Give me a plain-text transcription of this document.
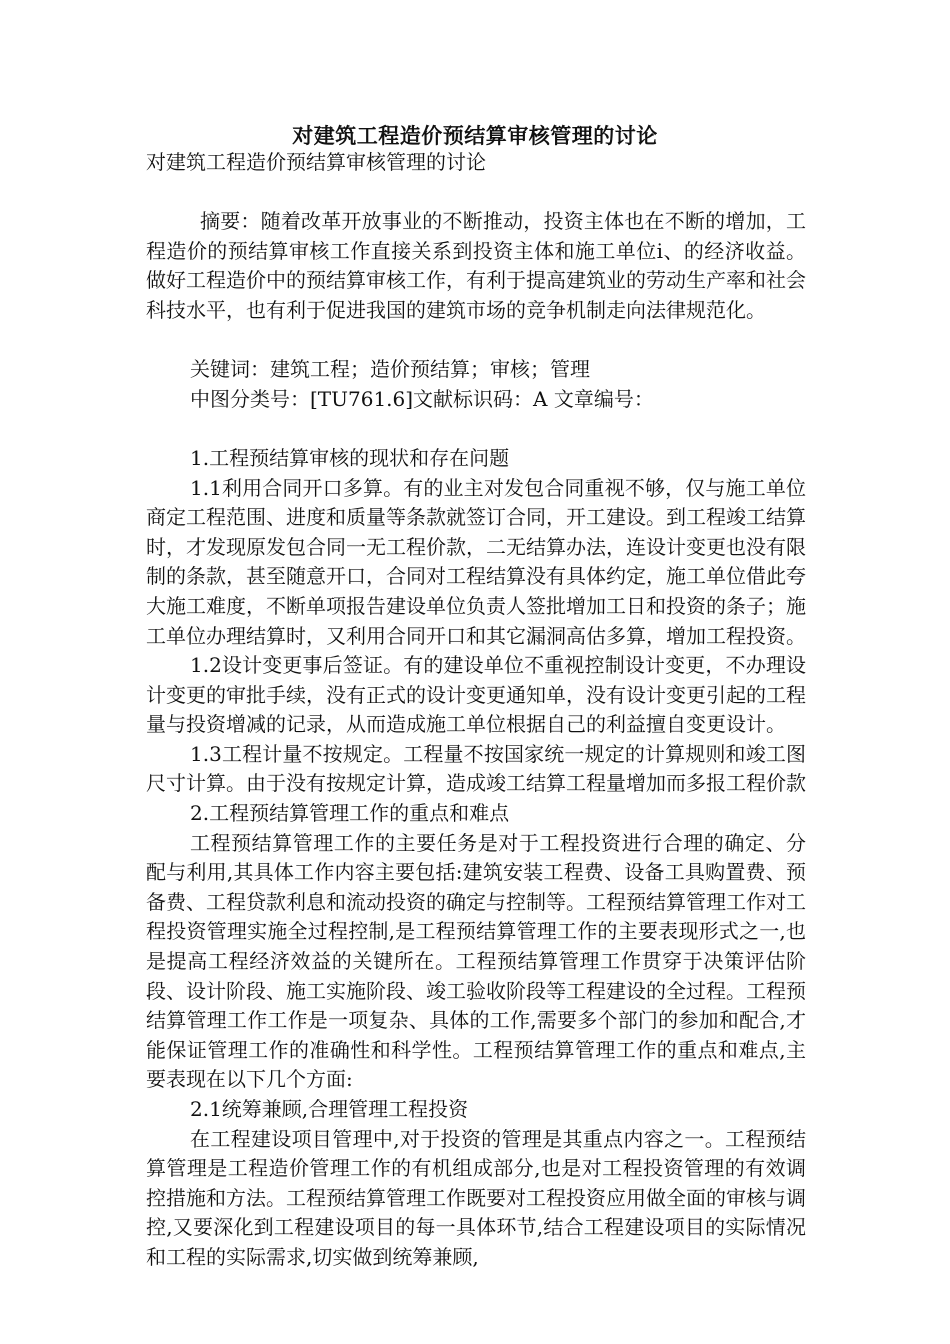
对建筑工程造价预结算审核管理的讨论

对建筑工程造价预结算审核管理的讨论

摘要：随着改革开放事业的不断推动，投资主体也在不断的增加，工程造价的预结算审核工作直接关系到投资主体和施工单位i、的经济收益。做好工程造价中的预结算审核工作，有利于提高建筑业的劳动生产率和社会科技水平，也有利于促进我国的建筑市场的竞争机制走向法律规范化。

关键词：建筑工程；造价预结算；审核；管理

中图分类号：[TU761.6]文献标识码：A 文章编号：

1.工程预结算审核的现状和存在问题

1.1利用合同开口多算。有的业主对发包合同重视不够，仅与施工单位商定工程范围、进度和质量等条款就签订合同，开工建设。到工程竣工结算时，才发现原发包合同一无工程价款，二无结算办法，连设计变更也没有限制的条款，甚至随意开口，合同对工程结算没有具体约定，施工单位借此夸大施工难度，不断单项报告建设单位负责人签批增加工日和投资的条子；施工单位办理结算时，又利用合同开口和其它漏洞高估多算，增加工程投资。

1.2设计变更事后签证。有的建设单位不重视控制设计变更，不办理设计变更的审批手续，没有正式的设计变更通知单，没有设计变更引起的工程量与投资增减的记录，从而造成施工单位根据自己的利益擅自变更设计。

1.3工程计量不按规定。工程量不按国家统一规定的计算规则和竣工图尺寸计算。由于没有按规定计算，造成竣工结算工程量增加而多报工程价款

2.工程预结算管理工作的重点和难点

工程预结算管理工作的主要任务是对于工程投资进行合理的确定、分配与利用,其具体工作内容主要包括:建筑安装工程费、设备工具购置费、预备费、工程贷款利息和流动投资的确定与控制等。工程预结算管理工作对工程投资管理实施全过程控制,是工程预结算管理工作的主要表现形式之一,也是提高工程经济效益的关键所在。工程预结算管理工作贯穿于决策评估阶段、设计阶段、施工实施阶段、竣工验收阶段等工程建设的全过程。工程预结算管理工作工作是一项复杂、具体的工作,需要多个部门的参加和配合,才能保证管理工作的准确性和科学性。工程预结算管理工作的重点和难点,主要表现在以下几个方面:

2.1统筹兼顾,合理管理工程投资

在工程建设项目管理中,对于投资的管理是其重点内容之一。工程预结算管理是工程造价管理工作的有机组成部分,也是对工程投资管理的有效调控措施和方法。工程预结算管理工作既要对工程投资应用做全面的审核与调控,又要深化到工程建设项目的每一具体环节,结合工程建设项目的实际情况和工程的实际需求,切实做到统筹兼顾,
